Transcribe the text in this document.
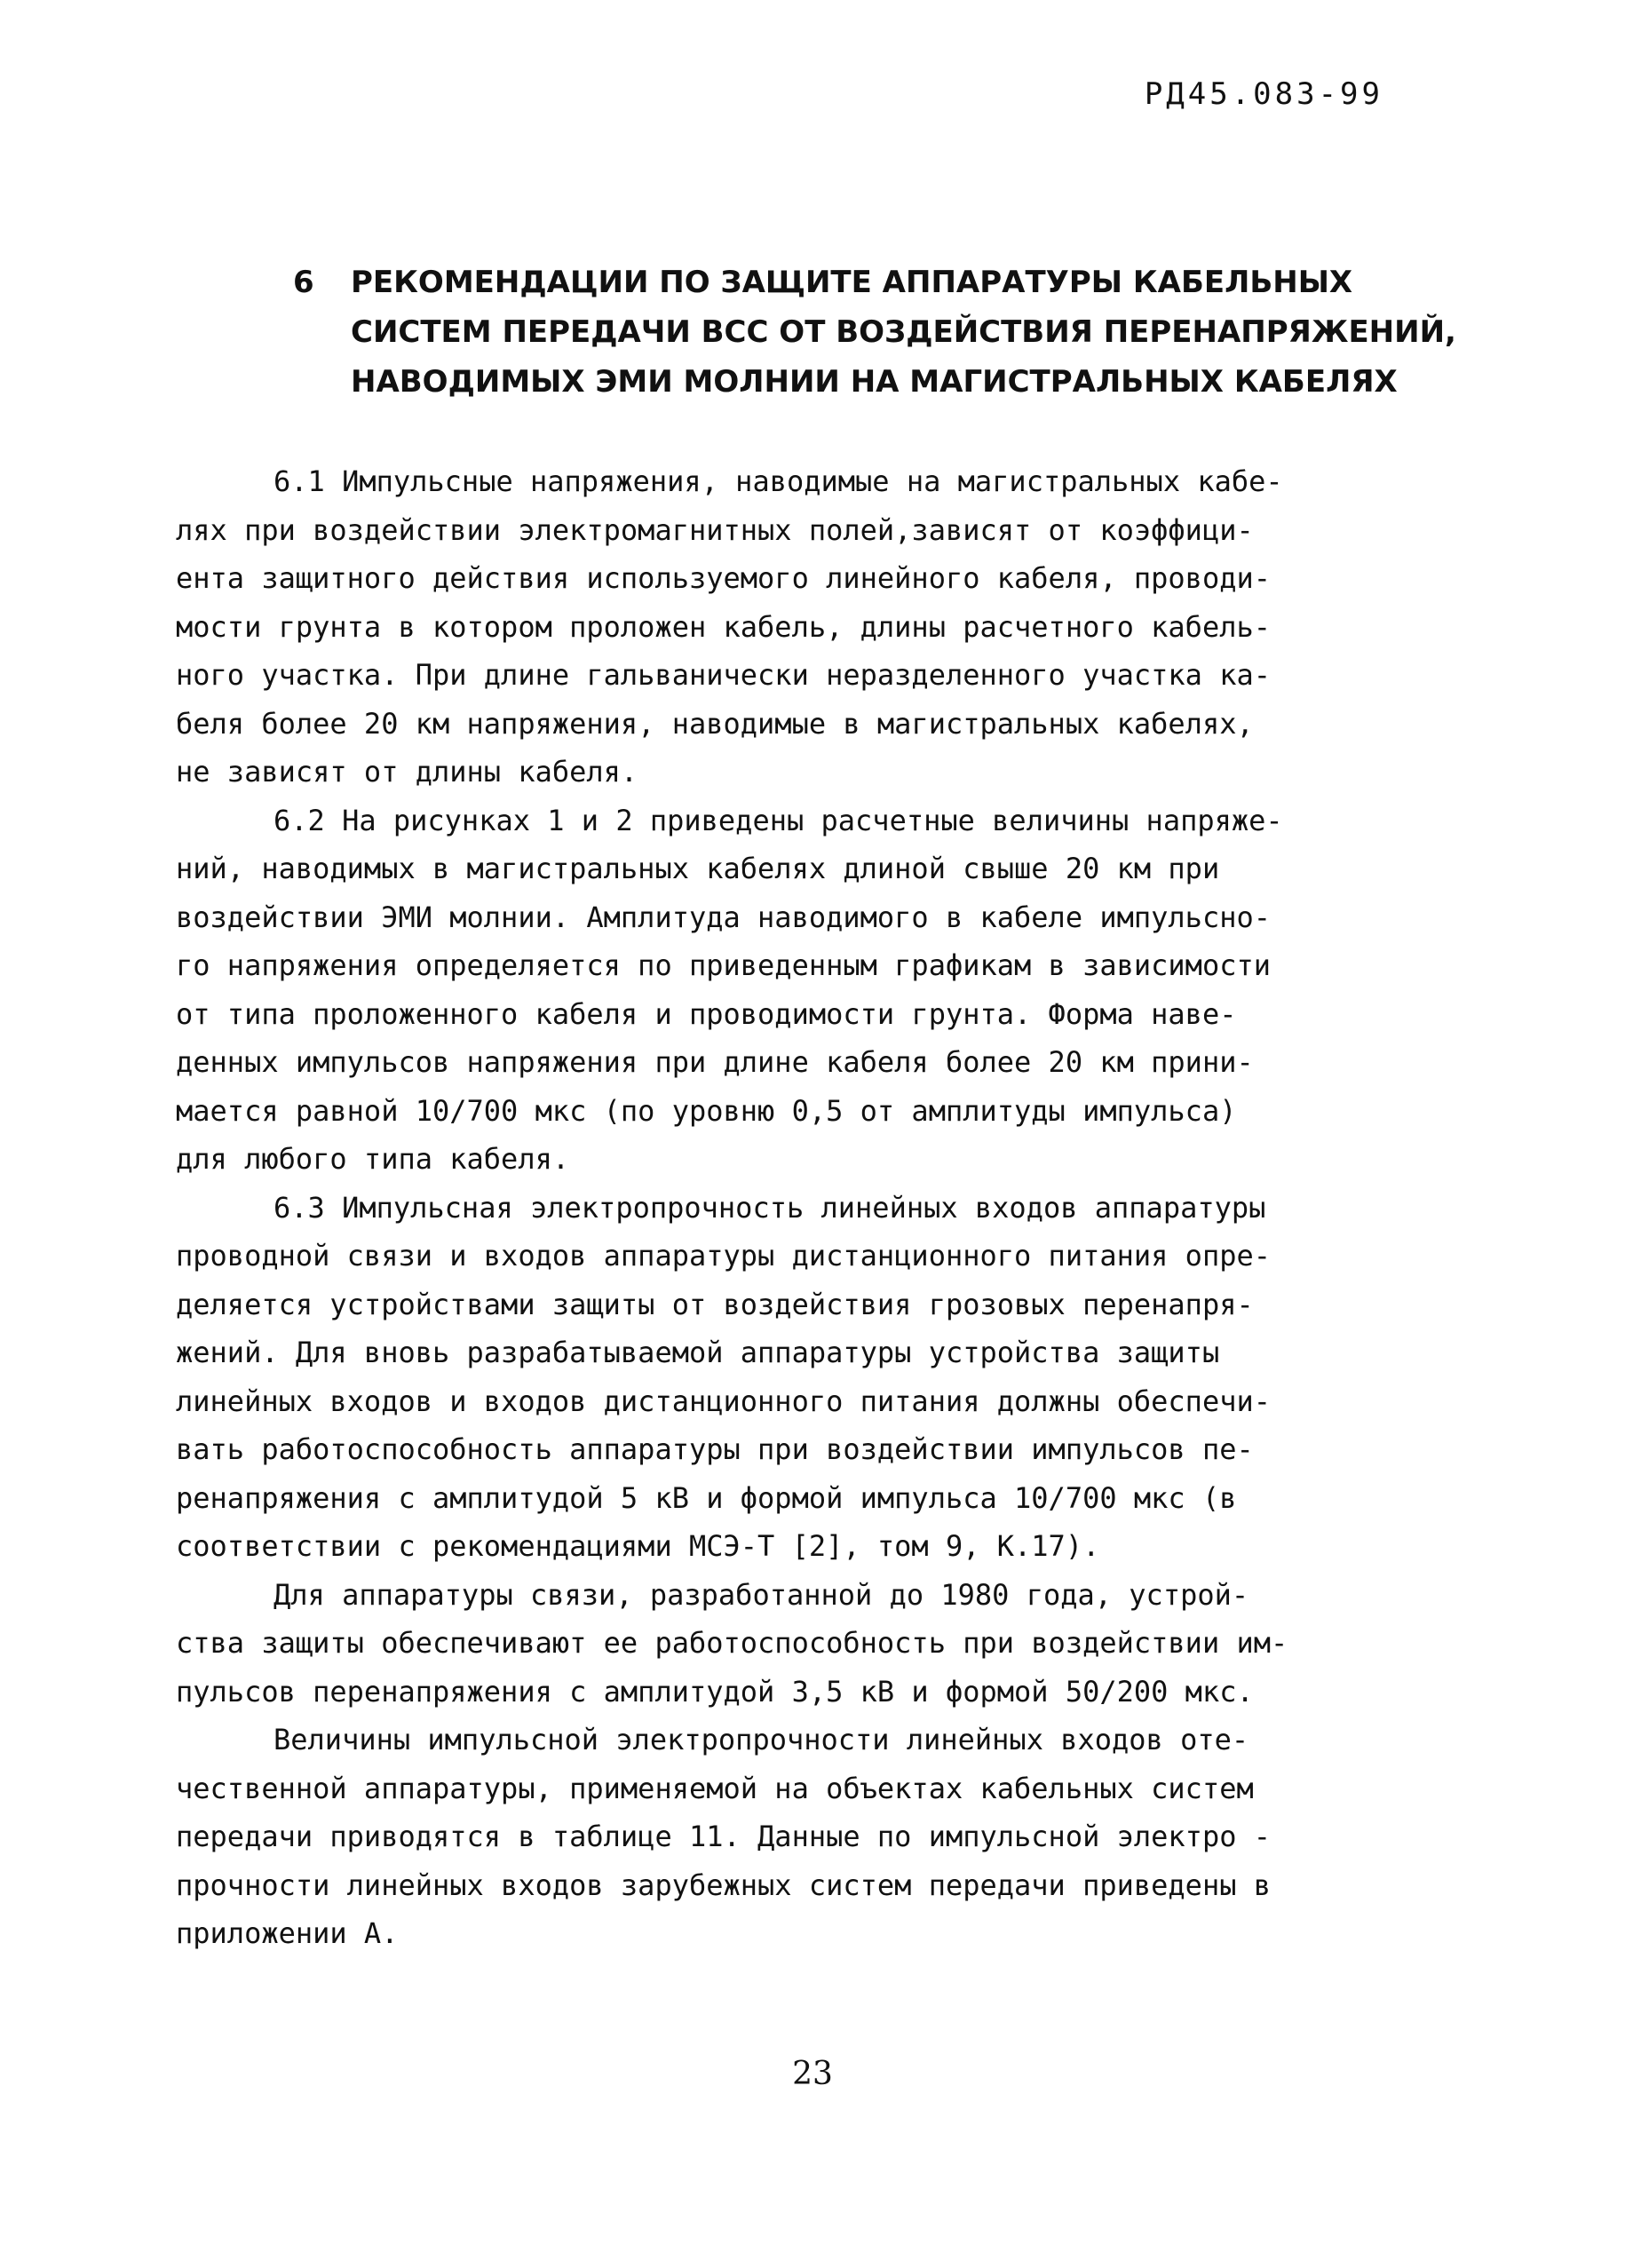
РД45.083-99
6 РЕКОМЕНДАЦИИ ПО ЗАЩИТЕ АППАРАТУРЫ КАБЕЛЬНЫХ
СИСТЕМ ПЕРЕДАЧИ ВСС ОТ ВОЗДЕЙСТВИЯ ПЕРЕНАПРЯЖЕНИЙ,
НАВОДИМЫХ ЭМИ МОЛНИИ НА МАГИСТРАЛЬНЫХ КАБЕЛЯХ
6.1 Импульсные напряжения, наводимые на магистральных кабе-
лях при воздействии электромагнитных полей,зависят от коэффици-
ента защитного действия используемого линейного кабеля, проводи-
мости грунта в котором проложен кабель, длины расчетного кабель-
ного участка. При длине гальванически неразделенного участка ка-
беля более 20 км напряжения, наводимые в магистральных кабелях,
не зависят от длины кабеля.
6.2 На рисунках 1 и 2 приведены расчетные величины напряже-
ний, наводимых в магистральных кабелях длиной свыше 20 км при
воздействии ЭМИ молнии. Амплитуда наводимого в кабеле импульсно-
го напряжения определяется по приведенным графикам в зависимости
от типа проложенного кабеля и проводимости грунта. Форма наве-
денных импульсов напряжения при длине кабеля более 20 км прини-
мается равной 10/700 мкс (по уровню 0,5 от амплитуды импульса)
для любого типа кабеля.
6.3 Импульсная электропрочность линейных входов аппаратуры
проводной связи и входов аппаратуры дистанционного питания опре-
деляется устройствами защиты от воздействия грозовых перенапря-
жений. Для вновь разрабатываемой аппаратуры устройства защиты
линейных входов и входов дистанционного питания должны обеспечи-
вать работоспособность аппаратуры при воздействии импульсов пе-
ренапряжения с амплитудой 5 кВ и формой импульса 10/700 мкс (в
соответствии с рекомендациями МСЭ-Т [2], том 9, К.17).
Для аппаратуры связи, разработанной до 1980 года, устрой-
ства защиты обеспечивают ее работоспособность при воздействии им-
пульсов перенапряжения с амплитудой 3,5 кВ и формой 50/200 мкс.
Величины импульсной электропрочности линейных входов оте-
чественной аппаратуры, применяемой на объектах кабельных систем
передачи приводятся в таблице 11. Данные по импульсной электро -
прочности линейных входов зарубежных систем передачи приведены в
приложении А.
23
